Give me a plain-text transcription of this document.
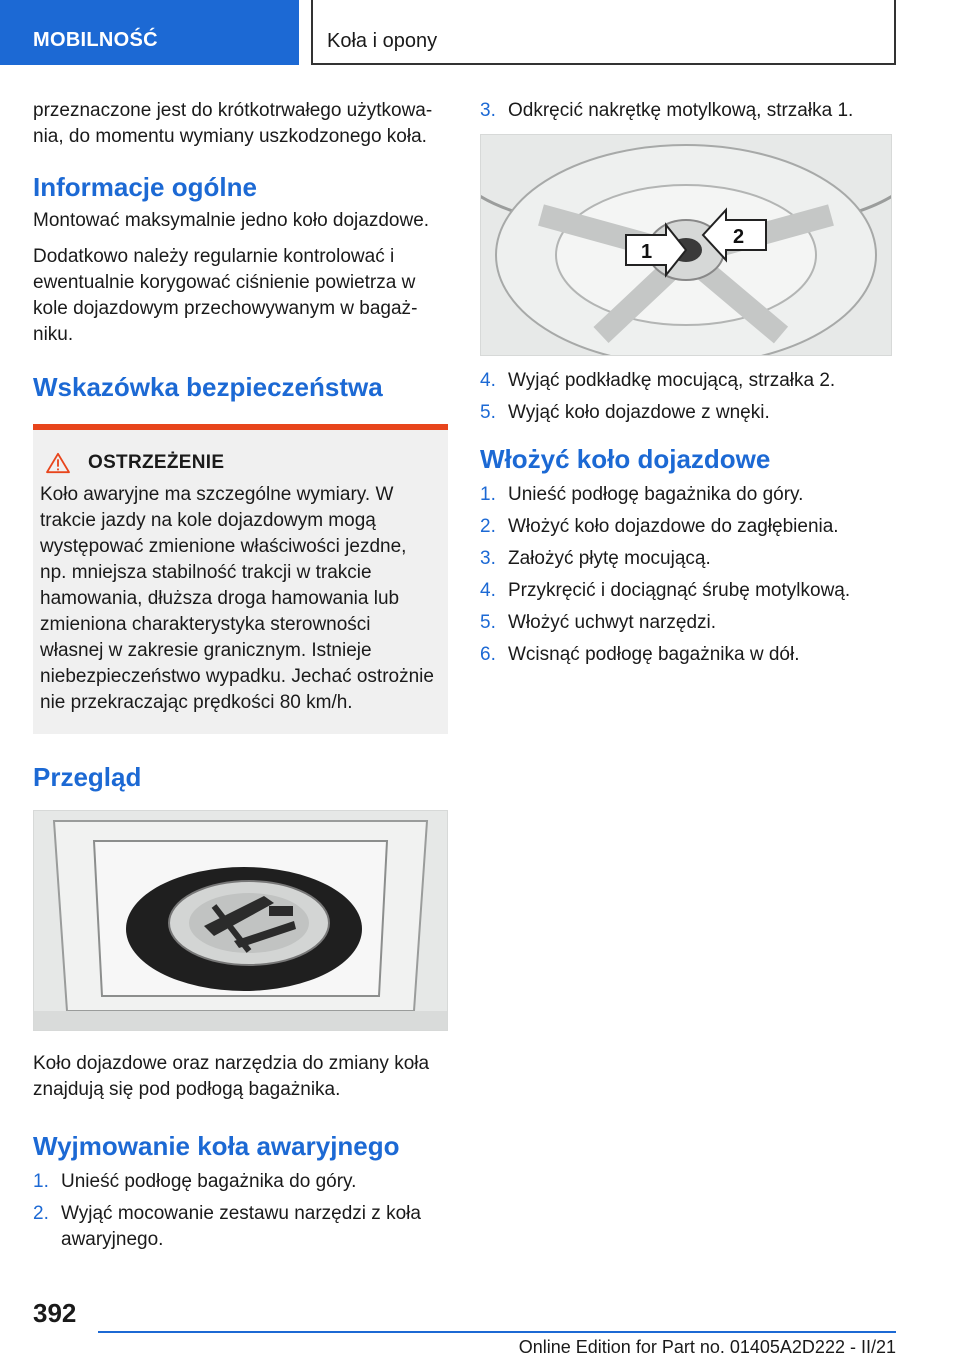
MOBILNOŚĆ	Koła i opony

przeznaczone jest do krótkotrwałego użytkowania, do momentu wymiany uszkodzonego koła.

Informacje ogólne

Montować maksymalnie jedno koło dojazdowe.

Dodatkowo należy regularnie kontrolować i ewentualnie korygować ciśnienie powietrza w kole dojazdowym przechowywanym w bagażniku.

Wskazówka bezpieczeństwa
OSTRZEŻENIE

Koło awaryjne ma szczególne wymiary. W trakcie jazdy na kole dojazdowym mogą występować zmienione właściwości jezdne, np. mniejsza stabilność trakcji w trakcie hamowania, dłuższa droga hamowania lub zmieniona charakterystyka sterowności własnej w zakresie granicznym. Istnieje niebezpieczeństwo wypadku. Jechać ostrożnie nie przekraczając prędkości 80 km/h.

Przegląd

Koło dojazdowe oraz narzędzia do zmiany koła znajdują się pod podłogą bagażnika.

Wyjmowanie koła awaryjnego
1. Unieść podłogę bagażnika do góry.
2. Wyjąć mocowanie zestawu narzędzi z koła awaryjnego.
3. Odkręcić nakrętkę motylkową, strzałka 1.
1
2
4. Wyjąć podkładkę mocującą, strzałka 2.
5. Wyjąć koło dojazdowe z wnęki.
Włożyć koło dojazdowe
1. Unieść podłogę bagażnika do góry.
2. Włożyć koło dojazdowe do zagłębienia.
3. Założyć płytę mocującą.
4. Przykręcić i dociągnąć śrubę motylkową.
5. Włożyć uchwyt narzędzi.
6. Wcisnąć podłogę bagażnika w dół.
392
Online Edition for Part no. 01405A2D222 - II/21
